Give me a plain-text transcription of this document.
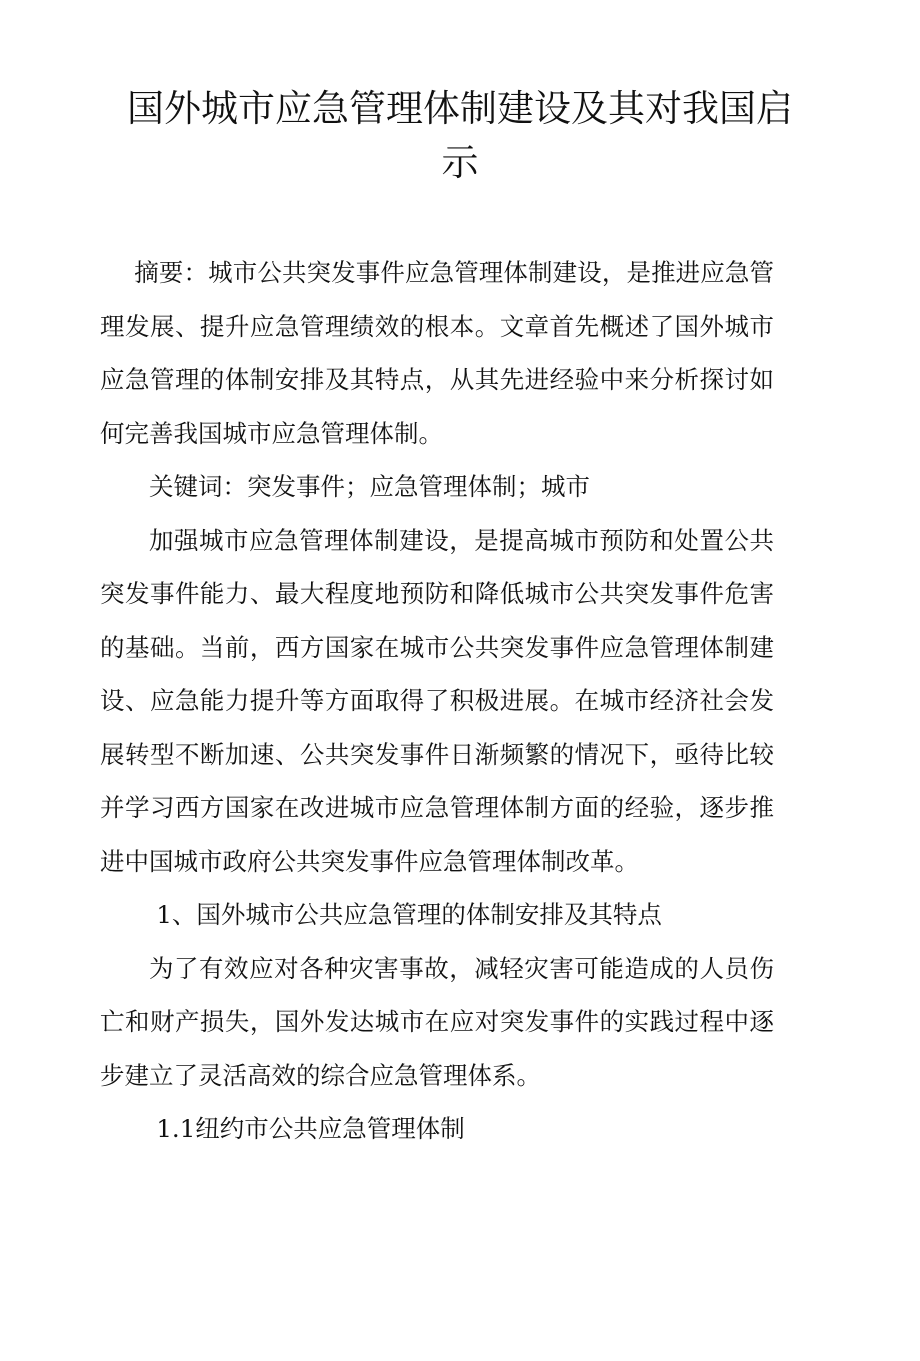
国外城市应急管理体制建设及其对我国启示

摘要：城市公共突发事件应急管理体制建设，是推进应急管理发展、提升应急管理绩效的根本。文章首先概述了国外城市应急管理的体制安排及其特点，从其先进经验中来分析探讨如何完善我国城市应急管理体制。

关键词：突发事件；应急管理体制；城市

加强城市应急管理体制建设，是提高城市预防和处置公共突发事件能力、最大程度地预防和降低城市公共突发事件危害的基础。当前，西方国家在城市公共突发事件应急管理体制建设、应急能力提升等方面取得了积极进展。在城市经济社会发展转型不断加速、公共突发事件日渐频繁的情况下，亟待比较并学习西方国家在改进城市应急管理体制方面的经验，逐步推进中国城市政府公共突发事件应急管理体制改革。

1、国外城市公共应急管理的体制安排及其特点

为了有效应对各种灾害事故，减轻灾害可能造成的人员伤亡和财产损失，国外发达城市在应对突发事件的实践过程中逐步建立了灵活高效的综合应急管理体系。

1.1纽约市公共应急管理体制
